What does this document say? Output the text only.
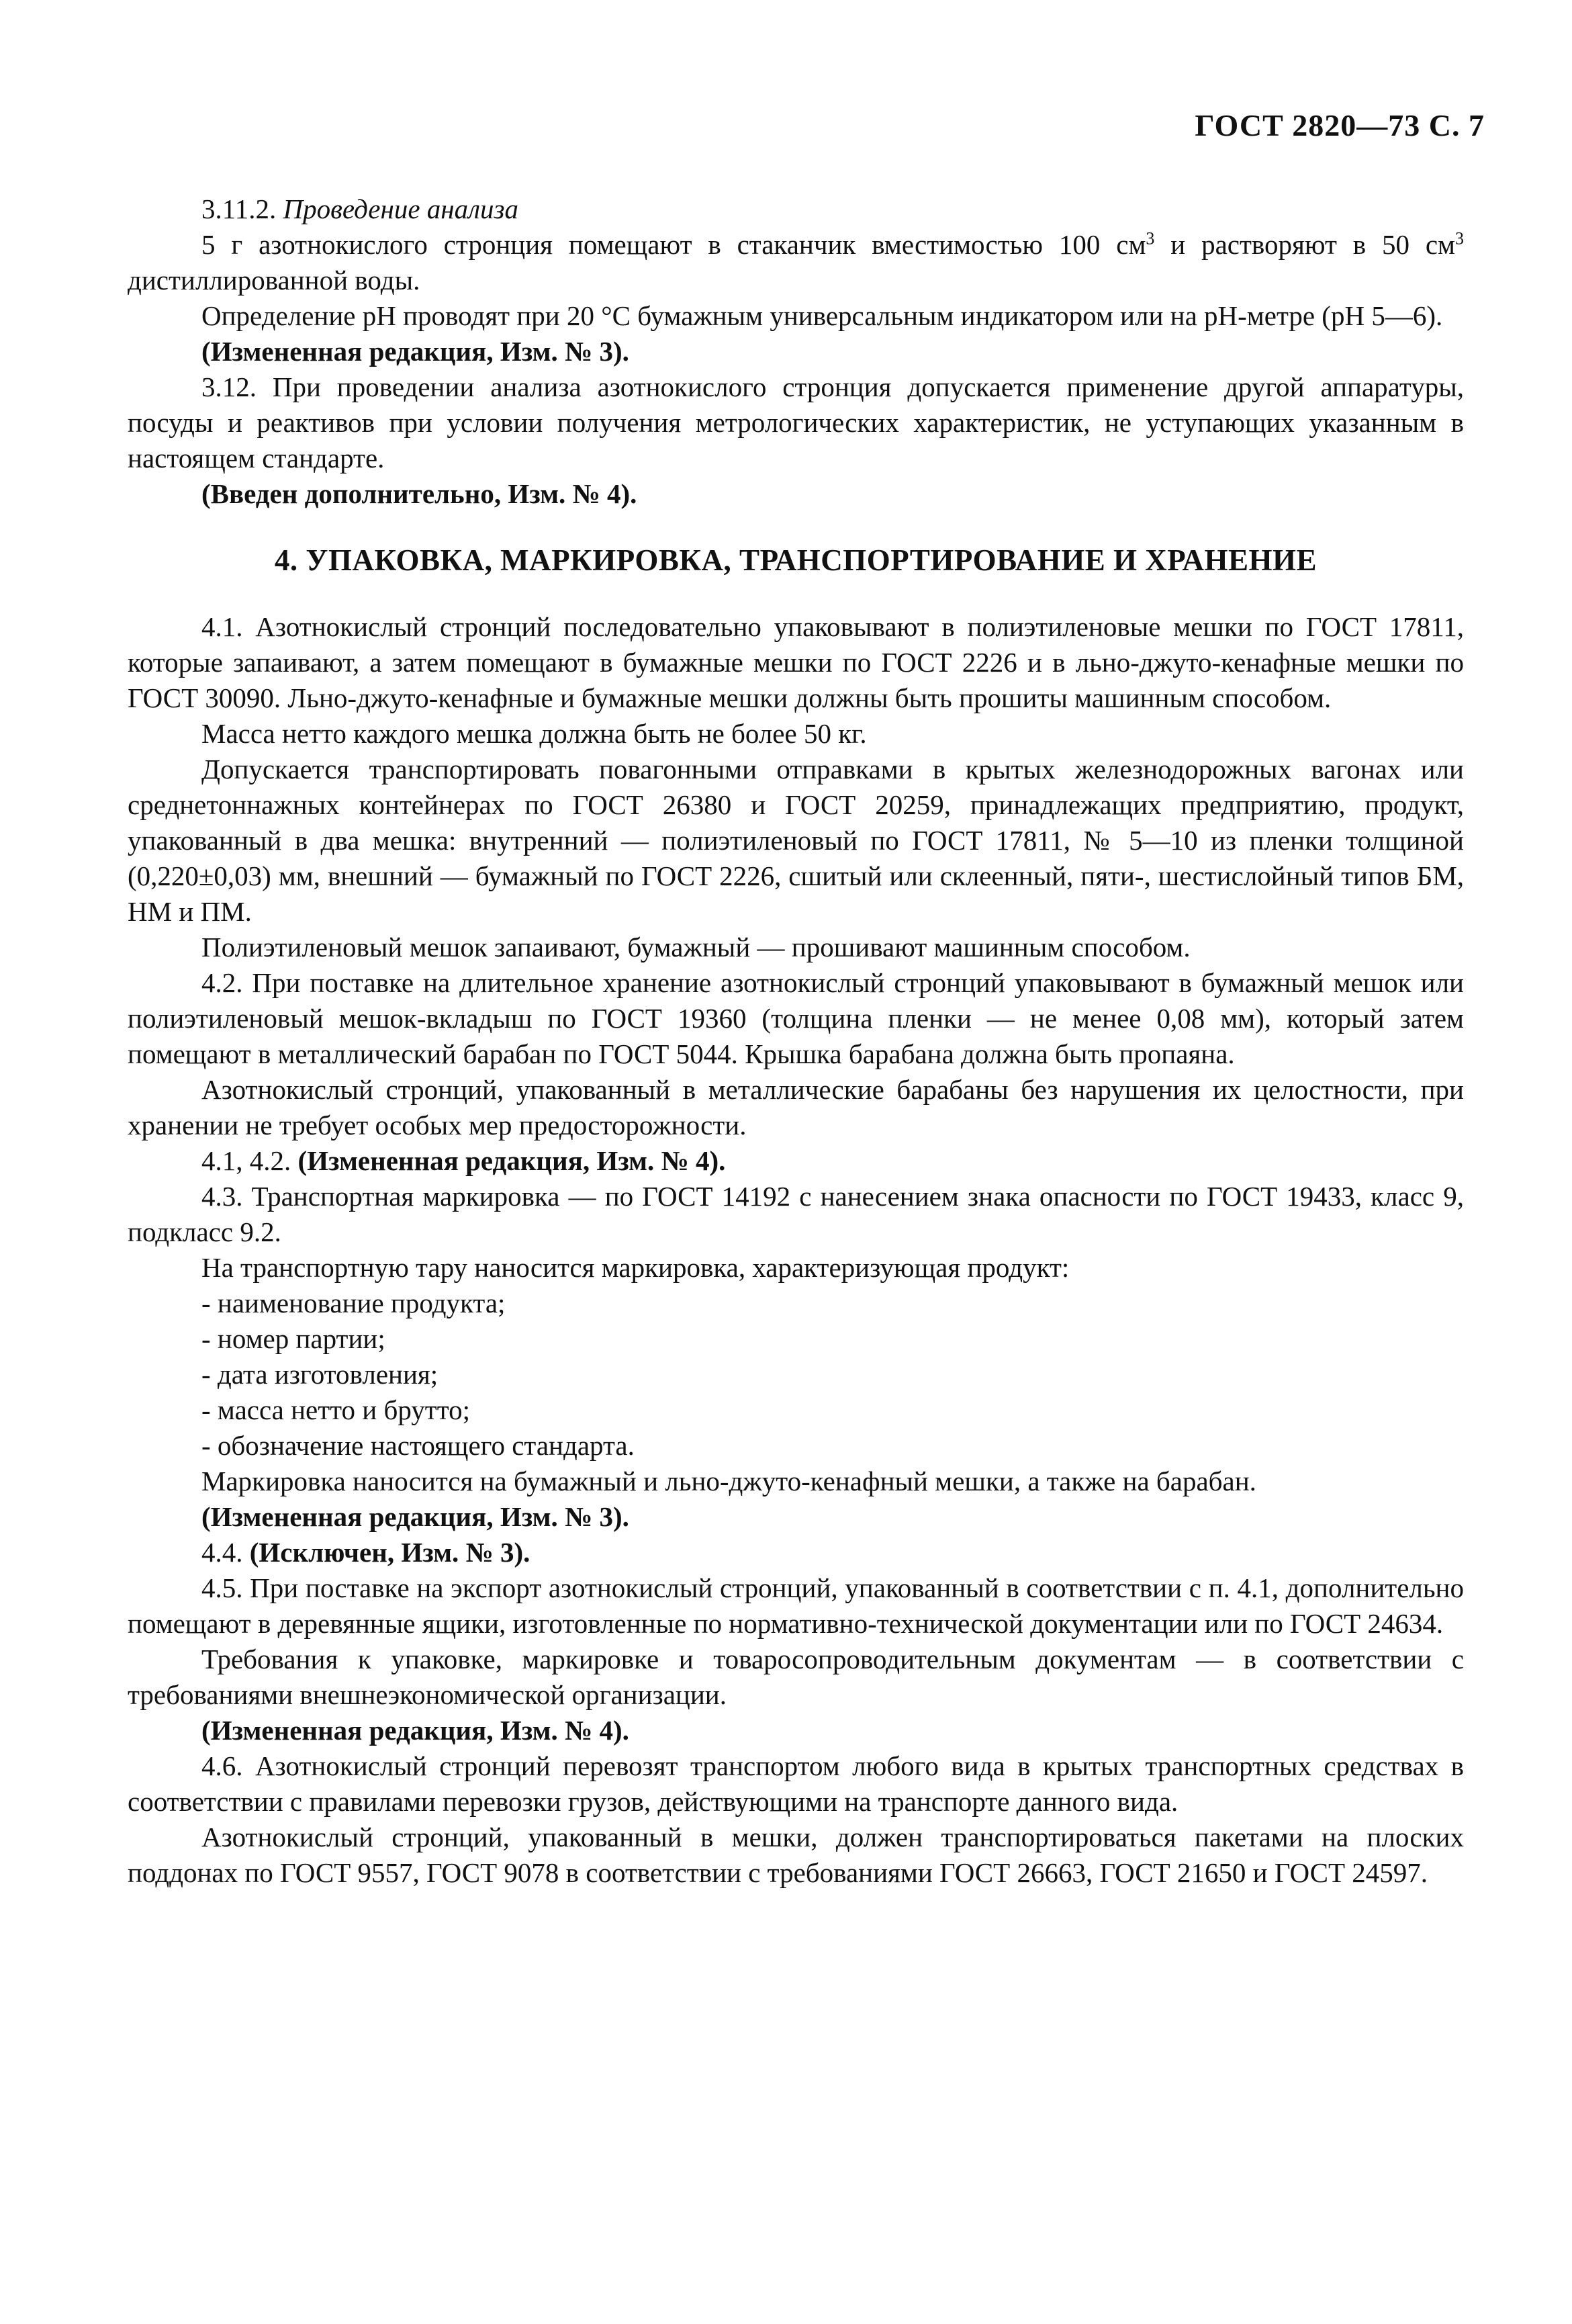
ГОСТ 2820—73 С. 7

3.11.2. Проведение анализа

5 г азотнокислого стронция помещают в стаканчик вместимостью 100 $см^3$ и растворяют в 50 $см^3$ дистиллированной воды.

Определение pH проводят при 20 °С бумажным универсальным индикатором или на pH-метре (pH 5—6).

(Измененная редакция, Изм. № 3).

3.12. При проведении анализа азотнокислого стронция допускается применение другой аппаратуры, посуды и реактивов при условии получения метрологических характеристик, не уступающих указанным в настоящем стандарте.

(Введен дополнительно, Изм. № 4).

4. УПАКОВКА, МАРКИРОВКА, ТРАНСПОРТИРОВАНИЕ И ХРАНЕНИЕ

4.1. Азотнокислый стронций последовательно упаковывают в полиэтиленовые мешки по ГОСТ 17811, которые запаивают, а затем помещают в бумажные мешки по ГОСТ 2226 и в льно-джуто-кенафные мешки по ГОСТ 30090. Льно-джуто-кенафные и бумажные мешки должны быть прошиты машинным способом.

Масса нетто каждого мешка должна быть не более 50 кг.

Допускается транспортировать повагонными отправками в крытых железнодорожных вагонах или среднетоннажных контейнерах по ГОСТ 26380 и ГОСТ 20259, принадлежащих предприятию, продукт, упакованный в два мешка: внутренний — полиэтиленовый по ГОСТ 17811, № 5—10 из пленки толщиной (0,220±0,03) мм, внешний — бумажный по ГОСТ 2226, сшитый или склеенный, пяти-, шестислойный типов БМ, НМ и ПМ.

Полиэтиленовый мешок запаивают, бумажный — прошивают машинным способом.

4.2. При поставке на длительное хранение азотнокислый стронций упаковывают в бумажный мешок или полиэтиленовый мешок-вкладыш по ГОСТ 19360 (толщина пленки — не менее 0,08 мм), который затем помещают в металлический барабан по ГОСТ 5044. Крышка барабана должна быть пропаяна.

Азотнокислый стронций, упакованный в металлические барабаны без нарушения их целостности, при хранении не требует особых мер предосторожности.

4.1, 4.2. (Измененная редакция, Изм. № 4).

4.3. Транспортная маркировка — по ГОСТ 14192 с нанесением знака опасности по ГОСТ 19433, класс 9, подкласс 9.2.

На транспортную тару наносится маркировка, характеризующая продукт:

- наименование продукта;

- номер партии;

- дата изготовления;

- масса нетто и брутто;

- обозначение настоящего стандарта.

Маркировка наносится на бумажный и льно-джуто-кенафный мешки, а также на барабан.

(Измененная редакция, Изм. № 3).

4.4. (Исключен, Изм. № 3).

4.5. При поставке на экспорт азотнокислый стронций, упакованный в соответствии с п. 4.1, дополнительно помещают в деревянные ящики, изготовленные по нормативно-технической документации или по ГОСТ 24634.

Требования к упаковке, маркировке и товаросопроводительным документам — в соответствии с требованиями внешнеэкономической организации.

(Измененная редакция, Изм. № 4).

4.6. Азотнокислый стронций перевозят транспортом любого вида в крытых транспортных средствах в соответствии с правилами перевозки грузов, действующими на транспорте данного вида.

Азотнокислый стронций, упакованный в мешки, должен транспортироваться пакетами на плоских поддонах по ГОСТ 9557, ГОСТ 9078 в соответствии с требованиями ГОСТ 26663, ГОСТ 21650 и ГОСТ 24597.
